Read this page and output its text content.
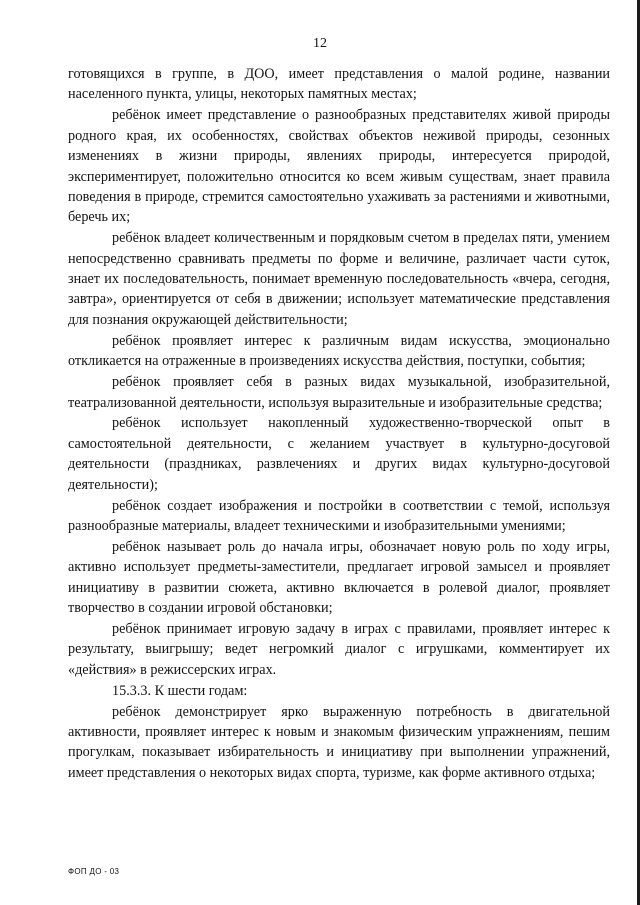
12

готовящихся в группе, в ДОО, имеет представления о малой родине, названии населенного пункта, улицы, некоторых памятных местах;

ребёнок имеет представление о разнообразных представителях живой природы родного края, их особенностях, свойствах объектов неживой природы, сезонных изменениях в жизни природы, явлениях природы, интересуется природой, экспериментирует, положительно относится ко всем живым существам, знает правила поведения в природе, стремится самостоятельно ухаживать за растениями и животными, беречь их;

ребёнок владеет количественным и порядковым счетом в пределах пяти, умением непосредственно сравнивать предметы по форме и величине, различает части суток, знает их последовательность, понимает временную последовательность «вчера, сегодня, завтра», ориентируется от себя в движении; использует математические представления для познания окружающей действительности;

ребёнок проявляет интерес к различным видам искусства, эмоционально откликается на отраженные в произведениях искусства действия, поступки, события;

ребёнок проявляет себя в разных видах музыкальной, изобразительной, театрализованной деятельности, используя выразительные и изобразительные средства;

ребёнок использует накопленный художественно-творческой опыт в самостоятельной деятельности, с желанием участвует в культурно-досуговой деятельности (праздниках, развлечениях и других видах культурно-досуговой деятельности);

ребёнок создает изображения и постройки в соответствии с темой, используя разнообразные материалы, владеет техническими и изобразительными умениями;

ребёнок называет роль до начала игры, обозначает новую роль по ходу игры, активно использует предметы-заместители, предлагает игровой замысел и проявляет инициативу в развитии сюжета, активно включается в ролевой диалог, проявляет творчество в создании игровой обстановки;

ребёнок принимает игровую задачу в играх с правилами, проявляет интерес к результату, выигрышу; ведет негромкий диалог с игрушками, комментирует их «действия» в режиссерских играх.

15.3.3. К шести годам:

ребёнок демонстрирует ярко выраженную потребность в двигательной активности, проявляет интерес к новым и знакомым физическим упражнениям, пешим прогулкам, показывает избирательность и инициативу при выполнении упражнений, имеет представления о некоторых видах спорта, туризме, как форме активного отдыха;

ФОП ДО - 03
